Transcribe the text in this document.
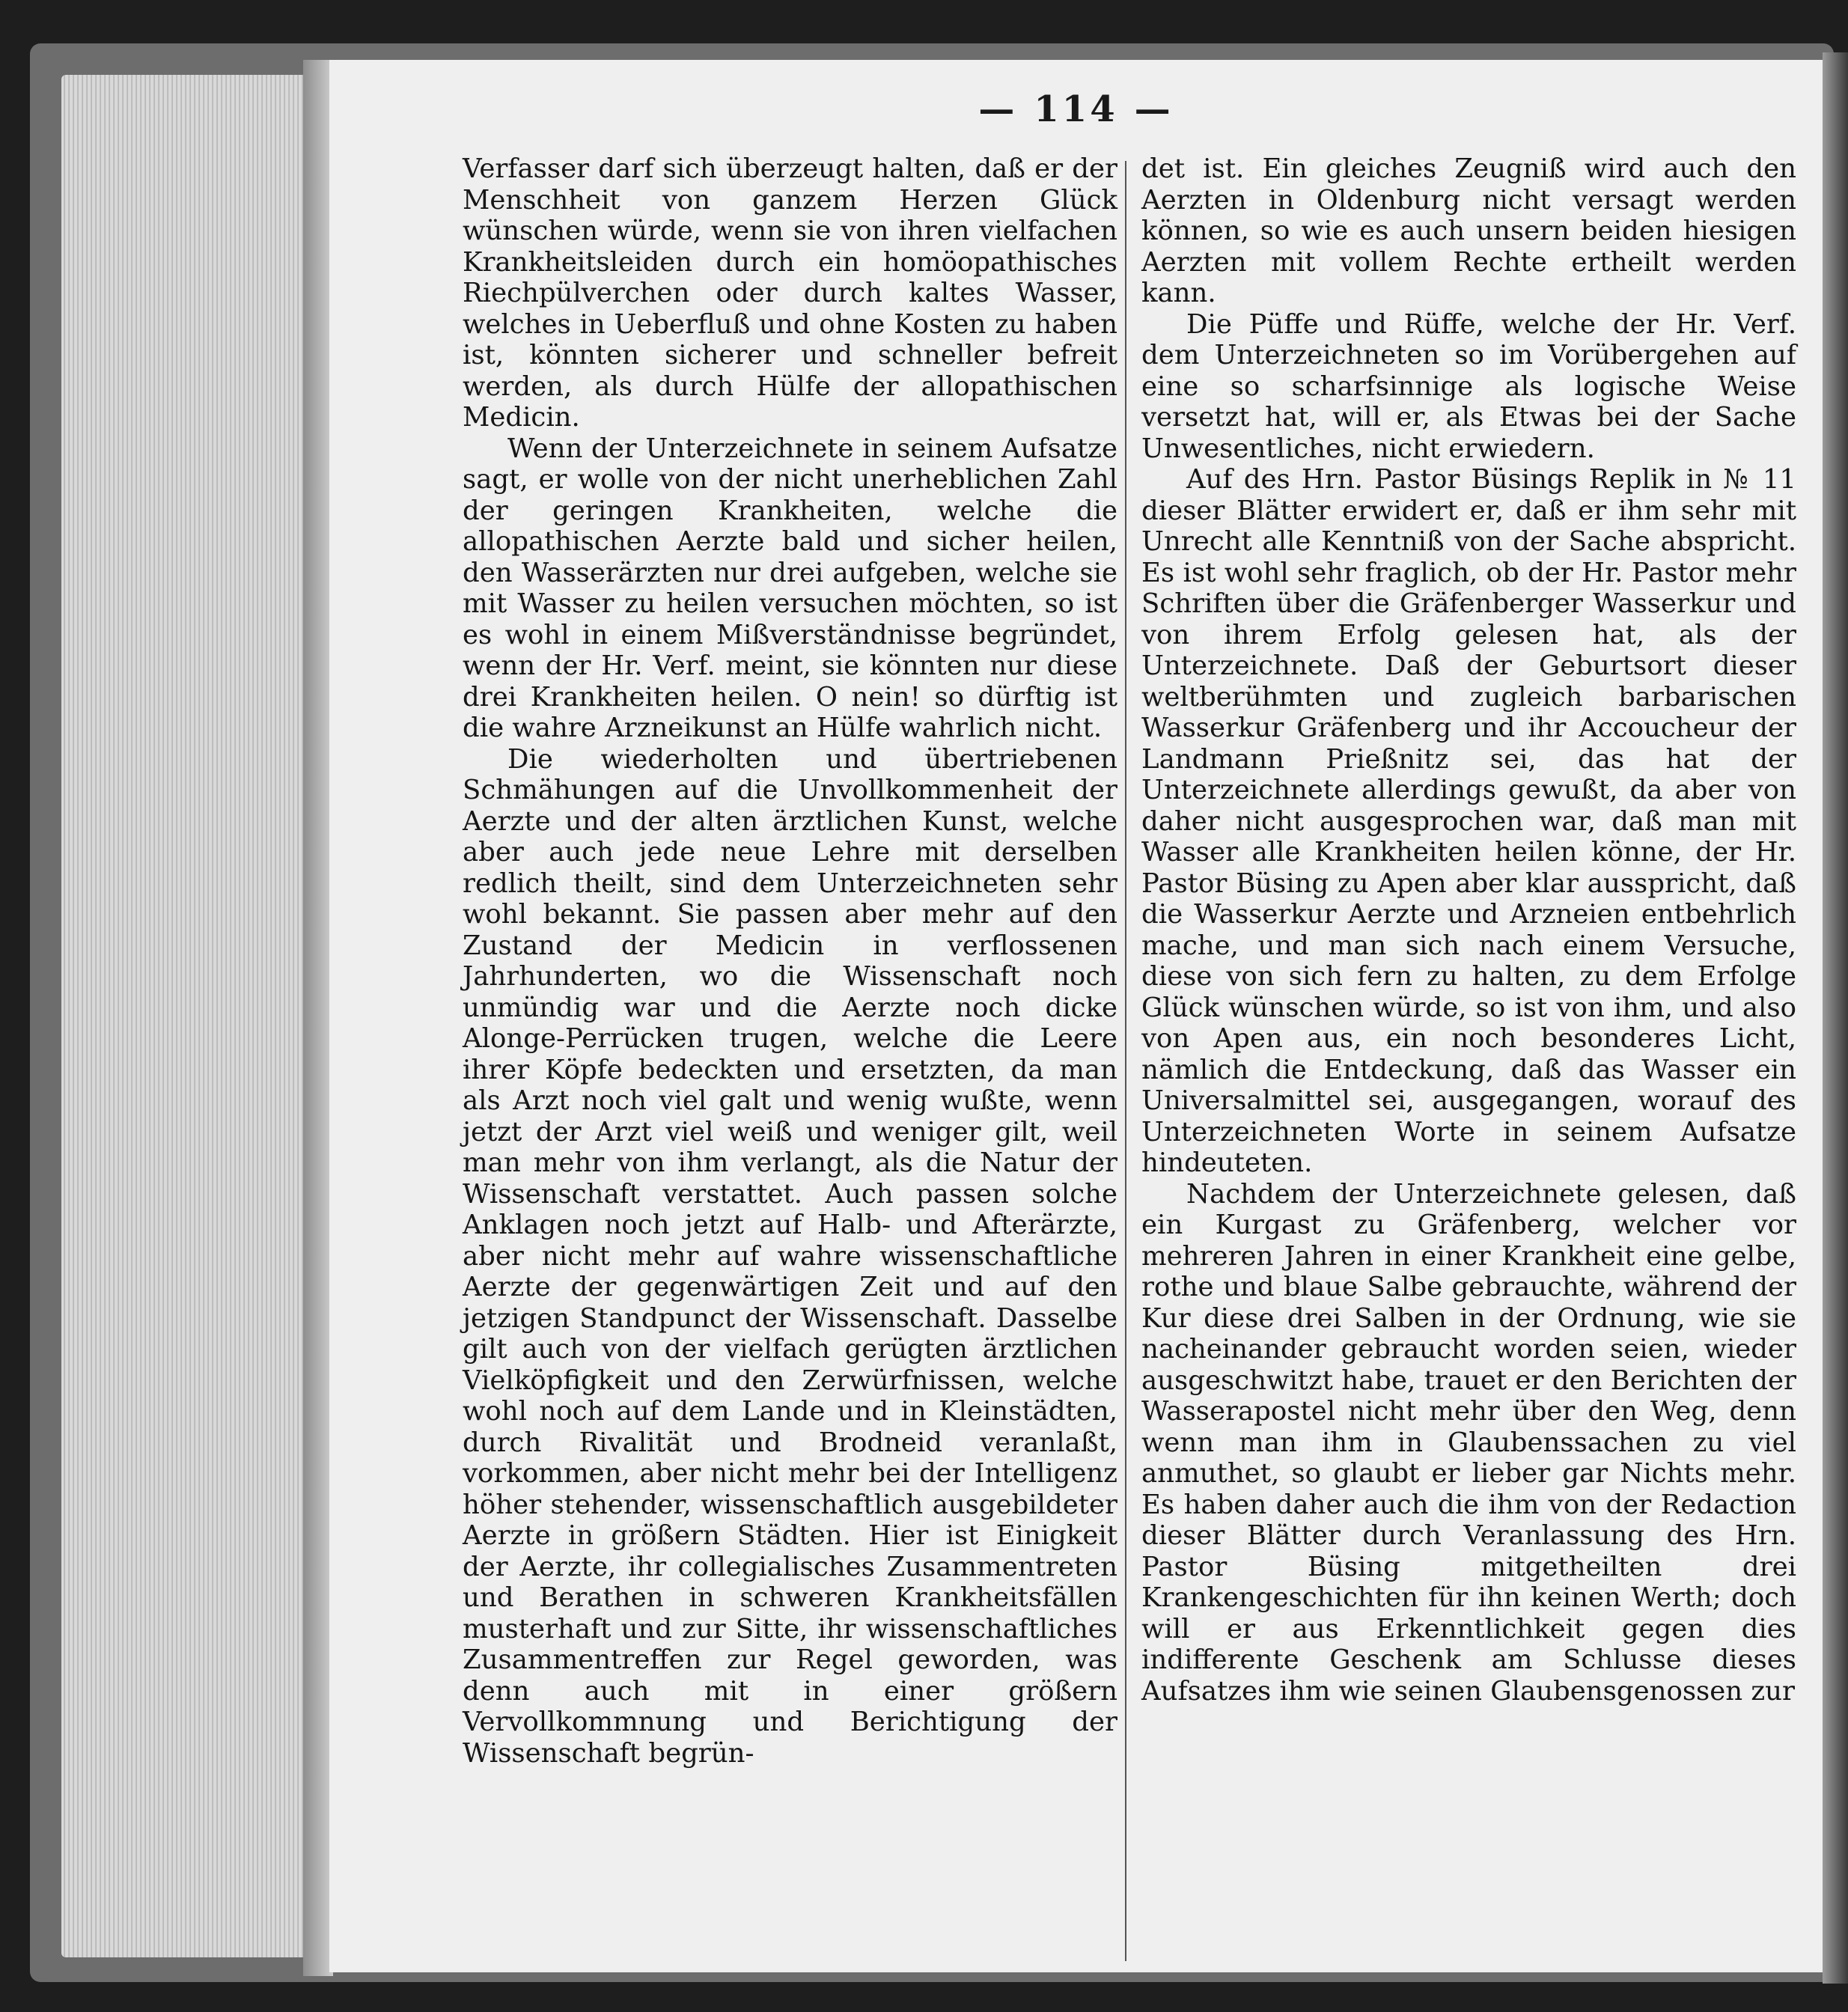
— 114 —

Verfasser darf sich überzeugt halten, daß er der Menschheit von ganzem Herzen Glück wünschen würde, wenn sie von ihren vielfachen Krankheitsleiden durch ein homöopathisches Riechpülverchen oder durch kaltes Wasser, welches in Ueberfluß und ohne Kosten zu haben ist, könnten sicherer und schneller befreit werden, als durch Hülfe der allopathischen Medicin.

Wenn der Unterzeichnete in seinem Aufsatze sagt, er wolle von der nicht unerheblichen Zahl der geringen Krankheiten, welche die allopathischen Aerzte bald und sicher heilen, den Wasserärzten nur drei aufgeben, welche sie mit Wasser zu heilen versuchen möchten, so ist es wohl in einem Mißverständnisse begründet, wenn der Hr. Verf. meint, sie könnten nur diese drei Krankheiten heilen. O nein! so dürftig ist die wahre Arzneikunst an Hülfe wahrlich nicht.

Die wiederholten und übertriebenen Schmähungen auf die Unvollkommenheit der Aerzte und der alten ärztlichen Kunst, welche aber auch jede neue Lehre mit derselben redlich theilt, sind dem Unterzeichneten sehr wohl bekannt. Sie passen aber mehr auf den Zustand der Medicin in verflossenen Jahrhunderten, wo die Wissenschaft noch unmündig war und die Aerzte noch dicke Alonge-Perrücken trugen, welche die Leere ihrer Köpfe bedeckten und ersetzten, da man als Arzt noch viel galt und wenig wußte, wenn jetzt der Arzt viel weiß und weniger gilt, weil man mehr von ihm verlangt, als die Natur der Wissenschaft verstattet. Auch passen solche Anklagen noch jetzt auf Halb- und Afterärzte, aber nicht mehr auf wahre wissenschaftliche Aerzte der gegenwärtigen Zeit und auf den jetzigen Standpunct der Wissenschaft. Dasselbe gilt auch von der vielfach gerügten ärztlichen Vielköpfigkeit und den Zerwürfnissen, welche wohl noch auf dem Lande und in Kleinstädten, durch Rivalität und Brodneid veranlaßt, vorkommen, aber nicht mehr bei der Intelligenz höher stehender, wissenschaftlich ausgebildeter Aerzte in größern Städten. Hier ist Einigkeit der Aerzte, ihr collegialisches Zusammentreten und Berathen in schweren Krankheitsfällen musterhaft und zur Sitte, ihr wissenschaftliches Zusammentreffen zur Regel geworden, was denn auch mit in einer größern Vervollkommnung und Berichtigung der Wissenschaft begrün-

det ist. Ein gleiches Zeugniß wird auch den Aerzten in Oldenburg nicht versagt werden können, so wie es auch unsern beiden hiesigen Aerzten mit vollem Rechte ertheilt werden kann.

Die Püffe und Rüffe, welche der Hr. Verf. dem Unterzeichneten so im Vorübergehen auf eine so scharfsinnige als logische Weise versetzt hat, will er, als Etwas bei der Sache Unwesentliches, nicht erwiedern.

Auf des Hrn. Pastor Büsings Replik in № 11 dieser Blätter erwidert er, daß er ihm sehr mit Unrecht alle Kenntniß von der Sache abspricht. Es ist wohl sehr fraglich, ob der Hr. Pastor mehr Schriften über die Gräfenberger Wasserkur und von ihrem Erfolg gelesen hat, als der Unterzeichnete. Daß der Geburtsort dieser weltberühmten und zugleich barbarischen Wasserkur Gräfenberg und ihr Accoucheur der Landmann Prießnitz sei, das hat der Unterzeichnete allerdings gewußt, da aber von daher nicht ausgesprochen war, daß man mit Wasser alle Krankheiten heilen könne, der Hr. Pastor Büsing zu Apen aber klar ausspricht, daß die Wasserkur Aerzte und Arzneien entbehrlich mache, und man sich nach einem Versuche, diese von sich fern zu halten, zu dem Erfolge Glück wünschen würde, so ist von ihm, und also von Apen aus, ein noch besonderes Licht, nämlich die Entdeckung, daß das Wasser ein Universalmittel sei, ausgegangen, worauf des Unterzeichneten Worte in seinem Aufsatze hindeuteten.

Nachdem der Unterzeichnete gelesen, daß ein Kurgast zu Gräfenberg, welcher vor mehreren Jahren in einer Krankheit eine gelbe, rothe und blaue Salbe gebrauchte, während der Kur diese drei Salben in der Ordnung, wie sie nacheinander gebraucht worden seien, wieder ausgeschwitzt habe, trauet er den Berichten der Wasserapostel nicht mehr über den Weg, denn wenn man ihm in Glaubenssachen zu viel anmuthet, so glaubt er lieber gar Nichts mehr. Es haben daher auch die ihm von der Redaction dieser Blätter durch Veranlassung des Hrn. Pastor Büsing mitgetheilten drei Krankengeschichten für ihn keinen Werth; doch will er aus Erkenntlichkeit gegen dies indifferente Geschenk am Schlusse dieses Aufsatzes ihm wie seinen Glaubensgenossen zur
